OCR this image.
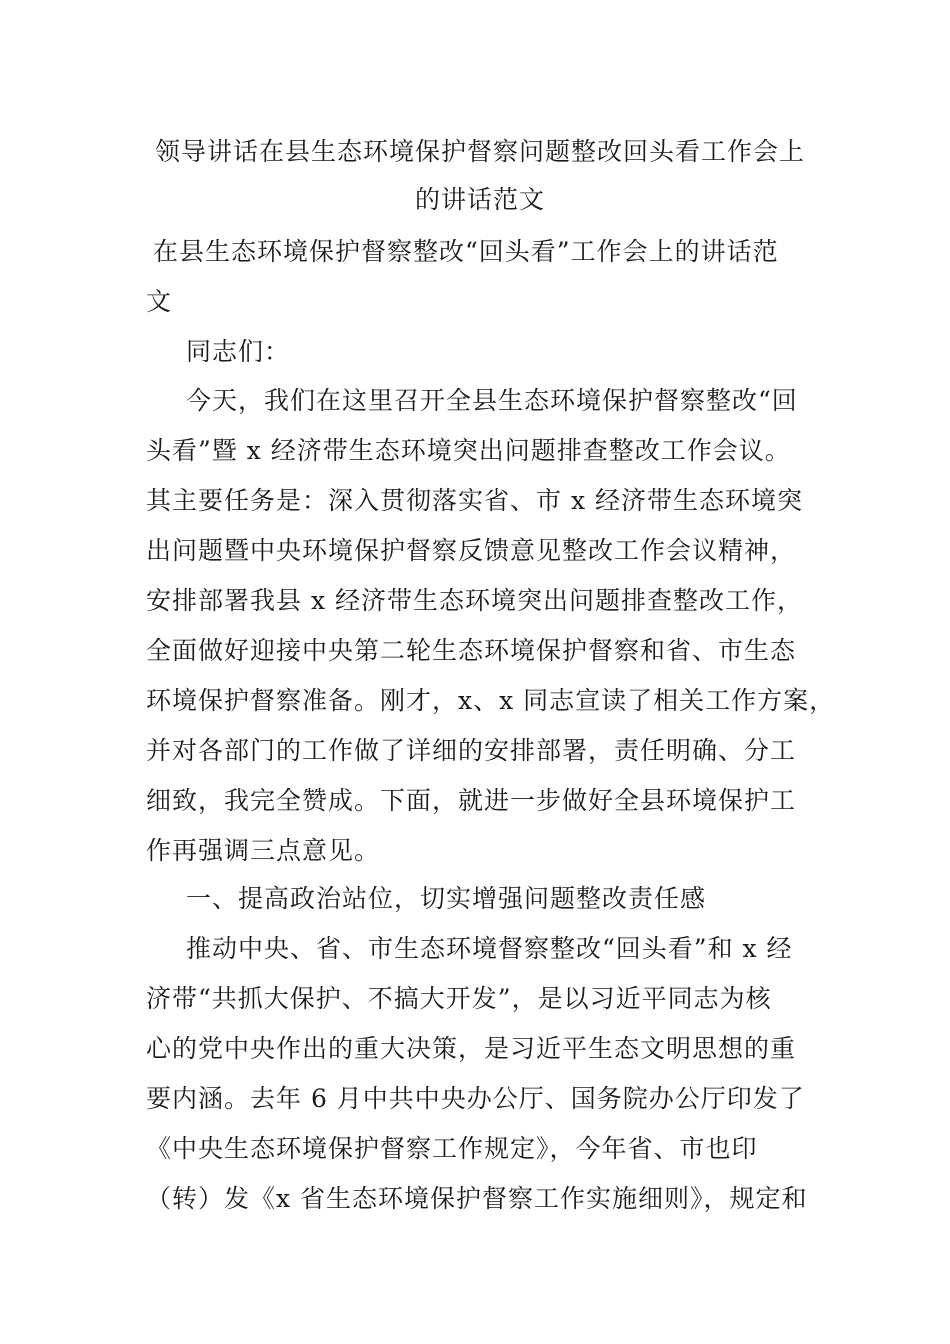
领导讲话在县生态环境保护督察问题整改回头看工作会上
的讲话范文
在县生态环境保护督察整改“回头看”工作会上的讲话范
文
同志们：
今天，我们在这里召开全县生态环境保护督察整改“回
头看”暨 x 经济带生态环境突出问题排查整改工作会议。
其主要任务是：深入贯彻落实省、市 x 经济带生态环境突
出问题暨中央环境保护督察反馈意见整改工作会议精神，
安排部署我县 x 经济带生态环境突出问题排查整改工作，
全面做好迎接中央第二轮生态环境保护督察和省、市生态
环境保护督察准备。刚才，x、x 同志宣读了相关工作方案，
并对各部门的工作做了详细的安排部署，责任明确、分工
细致，我完全赞成。下面，就进一步做好全县环境保护工
作再强调三点意见。
一、提高政治站位，切实增强问题整改责任感
推动中央、省、市生态环境督察整改“回头看”和 x 经
济带“共抓大保护、不搞大开发”，是以习近平同志为核
心的党中央作出的重大决策，是习近平生态文明思想的重
要内涵。去年 6 月中共中央办公厅、国务院办公厅印发了
《中央生态环境保护督察工作规定》，今年省、市也印
（转）发《x 省生态环境保护督察工作实施细则》，规定和
